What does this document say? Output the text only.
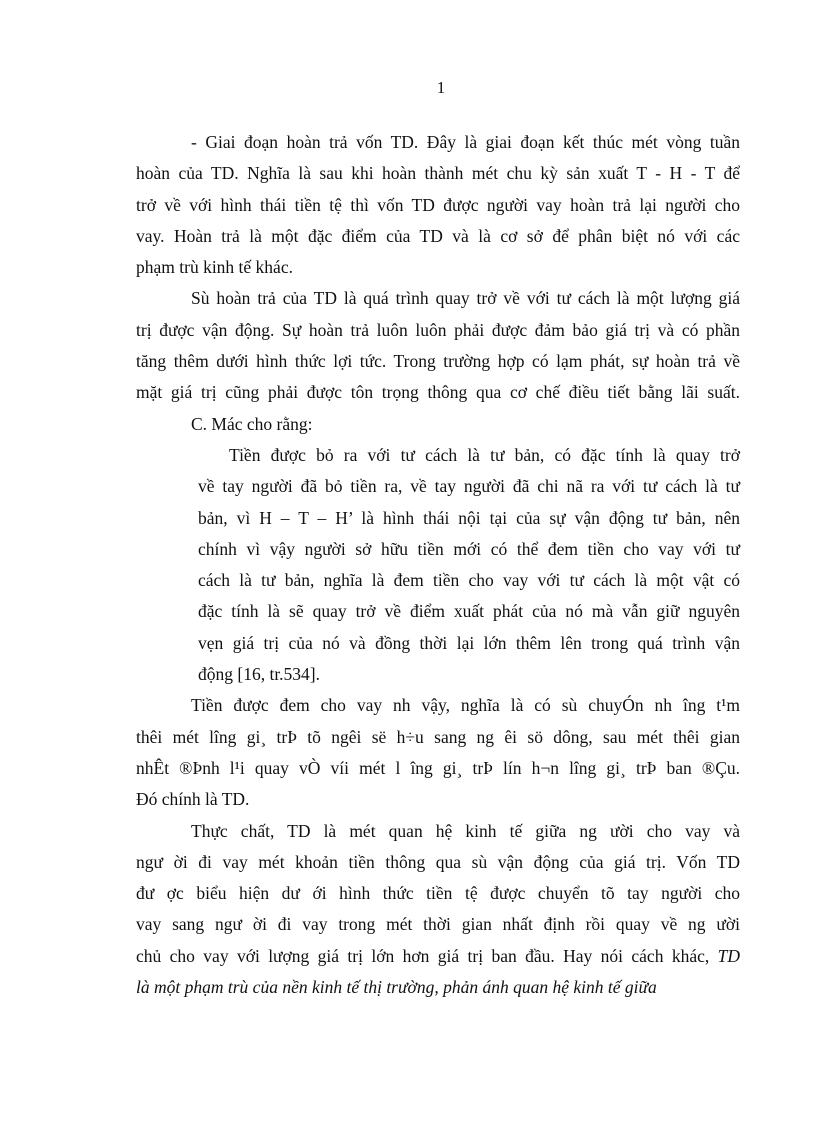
1
- Giai đoạn hoàn trả vốn TD. Đây là giai đoạn kết thúc mét vòng tuần
hoàn của TD. Nghĩa là sau khi hoàn thành mét chu kỳ sản xuất T - H - T để
trở về với hình thái tiền tệ thì vốn TD được người vay hoàn trả lại người cho
vay. Hoàn trả là một đặc điểm của TD và là cơ sở để phân biệt nó với các
phạm trù kinh tế khác.
Sù hoàn trả của TD là quá trình quay trở về với tư cách là một lượng giá
trị được vận động. Sự hoàn trả luôn luôn phải được đảm bảo giá trị và có phần
tăng thêm dưới hình thức lợi tức. Trong trường hợp có lạm phát, sự hoàn trả về
mặt giá trị cũng phải được tôn trọng thông qua cơ chế điều tiết bằng lãi suất.
C. Mác cho rằng:
Tiền được bỏ ra với tư cách là tư bản, có đặc tính là quay trở
về tay người đã bỏ tiền ra, về tay người đã chi nã ra với tư cách là tư
bản, vì H – T – H’ là hình thái nội tại của sự vận động tư bản, nên
chính vì vậy người sở hữu tiền mới có thể đem tiền cho vay với tư
cách là tư bản, nghĩa là đem tiền cho vay với tư cách là một vật có
đặc tính là sẽ quay trở về điểm xuất phát của nó mà vẫn giữ nguyên
vẹn giá trị của nó và đồng thời lại lớn thêm lên trong quá trình vận
động [16, tr.534].
Tiền được đem cho vay nh vậy, nghĩa là có sù chuyÓn nh îng t¹m
thêi mét lîng gi¸ trÞ tõ ngêi së h÷u sang ng êi sö dông, sau mét thêi gian
nhÊt ®Þnh l¹i quay vÒ víi mét l îng gi¸ trÞ lín h¬n lîng gi¸ trÞ ban ®Çu.
Đó chính là TD.
Thực chất, TD là mét quan hệ kinh tế giữa ng ười cho vay và
ngư ời đi vay mét khoản tiền thông qua sù vận động của giá trị. Vốn TD
đư ợc biểu hiện dư ới hình thức tiền tệ được chuyển tõ tay người cho
vay sang ngư ời đi vay trong mét thời gian nhất định rồi quay về ng ười
chủ cho vay với lượng giá trị lớn hơn giá trị ban đầu. Hay nói cách khác, TD
là một phạm trù của nền kinh tế thị trường, phản ánh quan hệ kinh tế giữa
